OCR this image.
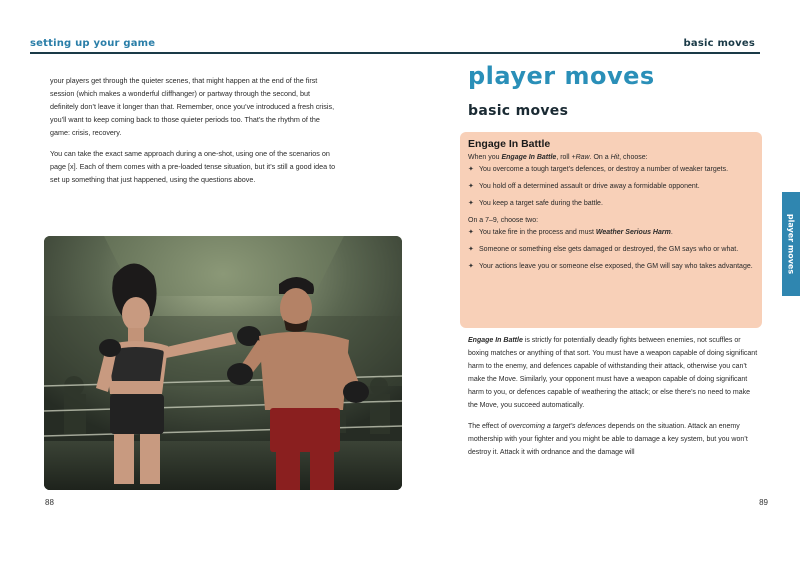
setting up your game

your players get through the quieter scenes, that might happen at the end of the first session (which makes a wonderful cliffhanger) or partway through the second, but definitely don’t leave it longer than that. Remember, once you’ve introduced a fresh crisis, you’ll want to keep coming back to those quieter periods too. That’s the rhythm of the game: crisis, recovery.

You can take the exact same approach during a one-shot, using one of the scenarios on page [x]. Each of them comes with a pre-loaded tense situation, but it’s still a good idea to set up something that just happened, using the questions above.

88
basic moves
player moves
basic moves
Engage In Battle

When you Engage In Battle, roll +Raw. On a Hit, choose:

✦ You overcome a tough target’s defences, or destroy a number of weaker targets.
✦ You hold off a determined assault or drive away a formidable opponent.
✦ You keep a target safe during the battle.

On a 7–9, choose two:

✦ You take fire in the process and must Weather Serious Harm.
✦ Someone or something else gets damaged or destroyed, the GM says who or what.
✦ Your actions leave you or someone else exposed, the GM will say who takes advantage.

Engage In Battle is strictly for potentially deadly fights between enemies, not scuffles or boxing matches or anything of that sort. You must have a weapon capable of doing significant harm to the enemy, and defences capable of withstanding their attack, otherwise you can’t make the Move. Similarly, your opponent must have a weapon capable of doing significant harm to you, or defences capable of weathering the attack; or else there’s no need to make the Move, you succeed automatically.

The effect of overcoming a target’s defences depends on the situation. Attack an enemy mothership with your fighter and you might be able to damage a key system, but you won’t destroy it. Attack it with ordnance and the damage will

89
player moves
